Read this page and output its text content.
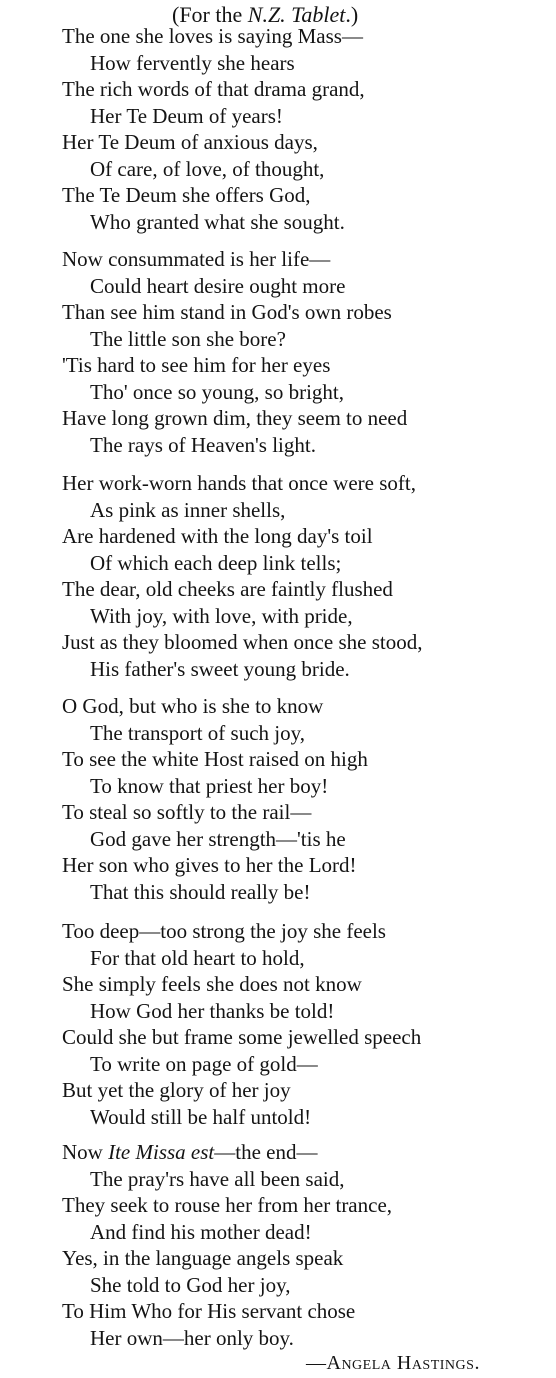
(For the N.Z. Tablet.)
The one she loves is saying Mass—
How fervently she hears
The rich words of that drama grand,
Her Te Deum of years!
Her Te Deum of anxious days,
Of care, of love, of thought,
The Te Deum she offers God,
Who granted what she sought.
Now consummated is her life—
Could heart desire ought more
Than see him stand in God's own robes
The little son she bore?
'Tis hard to see him for her eyes
Tho' once so young, so bright,
Have long grown dim, they seem to need
The rays of Heaven's light.
Her work-worn hands that once were soft,
As pink as inner shells,
Are hardened with the long day's toil
Of which each deep link tells;
The dear, old cheeks are faintly flushed
With joy, with love, with pride,
Just as they bloomed when once she stood,
His father's sweet young bride.
O God, but who is she to know
The transport of such joy,
To see the white Host raised on high
To know that priest her boy!
To steal so softly to the rail—
God gave her strength—'tis he
Her son who gives to her the Lord!
That this should really be!
Too deep—too strong the joy she feels
For that old heart to hold,
She simply feels she does not know
How God her thanks be told!
Could she but frame some jewelled speech
To write on page of gold—
But yet the glory of her joy
Would still be half untold!
Now Ite Missa est—the end—
The pray'rs have all been said,
They seek to rouse her from her trance,
And find his mother dead!
Yes, in the language angels speak
She told to God her joy,
To Him Who for His servant chose
Her own—her only boy.
—Angela Hastings.
